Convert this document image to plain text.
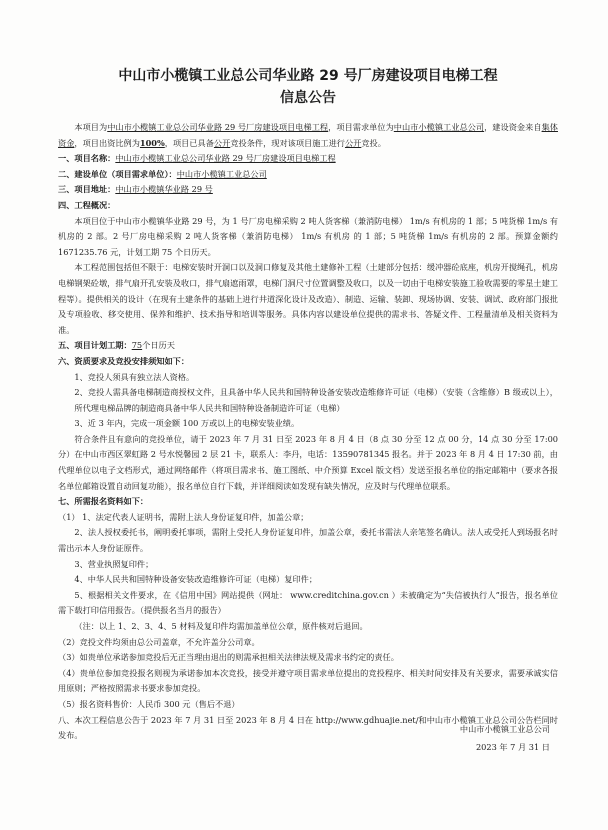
中山市小榄镇工业总公司华业路 29 号厂房建设项目电梯工程
信息公告

本项目为中山市小榄镇工业总公司华业路 29 号厂房建设项目电梯工程，项目需求单位为中山市小榄镇工业总公司，建设资金来自集体资金，项目出资比例为100%，项目已具备公开竞投条件，现对该项目施工进行公开竞投。

一、项目名称：中山市小榄镇工业总公司华业路 29 号厂房建设项目电梯工程
二、建设单位（项目需求单位）：中山市小榄镇工业总公司
三、项目地址：中山市小榄镇华业路 29 号
四、工程概况：

本项目位于中山市小榄镇华业路 29 号，为 1 号厂房电梯采购 2 吨人货客梯（兼消防电梯） 1m/s 有机房的 1 部；5 吨货梯 1m/s 有机房的 2 部。2 号厂房电梯采购 2 吨人货客梯（兼消防电梯） 1m/s 有机房 的 1 部；5 吨货梯 1m/s 有机房的 2 部。预算金额约 1671235.76 元，计划工期 75 个日历天。

本工程范围包括但不限于：电梯安装时开洞口以及洞口修复及其他土建修补工程（土建部分包括：缓冲器砼底座，机房开搅绳孔，机房电梯钢架砼墩，排气扇开孔安装及收口，排气扇遮雨罩，电梯门洞尺寸位置调整及收口，以及一切由于电梯安装施工验收需要的零星土建工程等）。提供相关的设计（在现有土建条件的基础上进行井道深化设计及改造）、制造、运输、装卸、现场协调、安装、调试、政府部门报批及专项验收、移交使用、保养和维护、技术指导和培训等服务。具体内容以建设单位提供的需求书、答疑文件、工程量清单及相关资料为准。

五、项目计划工期：75个日历天
六、资质要求及竞投安排须知如下：

1、竞投人须具有独立法人资格。

2、竞投人需具备电梯制造商授权文件，且具备中华人民共和国特种设备安装改造维修许可证（电梯）（安装（含维修）B 级或以上），所代理电梯品牌的制造商具备中华人民共和国特种设备制造许可证（电梯）

3、近 3 年内，完成一项金额 100 万或以上的电梯安装业绩。

符合条件且有意向的竞投单位，请于 2023 年 7 月 31 日至 2023 年 8 月 4 日（8 点 30 分至 12 点 00 分，14 点 30 分至 17:00 分）在中山市西区翠虹路 2 号水悦馨园 2 层 21 卡，联系人：李丹，电话：13590781345 报名。并于 2023 年 8 月 4 日 17:30 前，由代理单位以电子文档形式，通过网络邮件（将项目需求书、施工图纸、中介预算 Excel 版文档）发送至报名单位的指定邮箱中（要求各报名单位邮箱设置自动回复功能），报名单位自行下载，并详细阅读如发现有缺失情况，应及时与代理单位联系。

七、所需报名资料如下：

（1） 1、法定代表人证明书，需附上法人身份证复印件，加盖公章；

2、法人授权委托书，阐明委托事项，需附上受托人身份证复印件，加盖公章，委托书需法人亲笔签名确认。法人或受托人到场报名时需出示本人身份证原件。

3、营业执照复印件；

4、中华人民共和国特种设备安装改造维修许可证（电梯）复印件；

5、根据相关文件要求，在《信用中国》网站提供（网址： www.creditchina.gov.cn ）未被确定为“失信被执行人”报告，报名单位需下载打印信用报告。（提供报名当月的报告）

（注：以上 1、2、3、4、5 材料及复印件均需加盖单位公章，原件核对后退回。

（2）竞投文件均须由总公司盖章，不允许盖分公司章。

（3）如贵单位承诺参加竞投后无正当理由退出的则需承担相关法律法规及需求书约定的责任。

（4）贵单位参加竞投报名则视为承诺参加本次竞投，接受并遵守项目需求单位提出的竞投程序、相关时间安排及有关要求，需要承诚实信用原则；严格按照需求书要求参加竞投。

（5）报名资料售价：人民币 300 元（售后不退）

八、本次工程信息公告于 2023 年 7 月 31 日至 2023 年 8 月 4 日在 http://www.gdhuajie.net/和中山市小榄镇工业总公司公告栏同时发布。

中山市小榄镇工业总公司
2023 年 7 月 31 日
